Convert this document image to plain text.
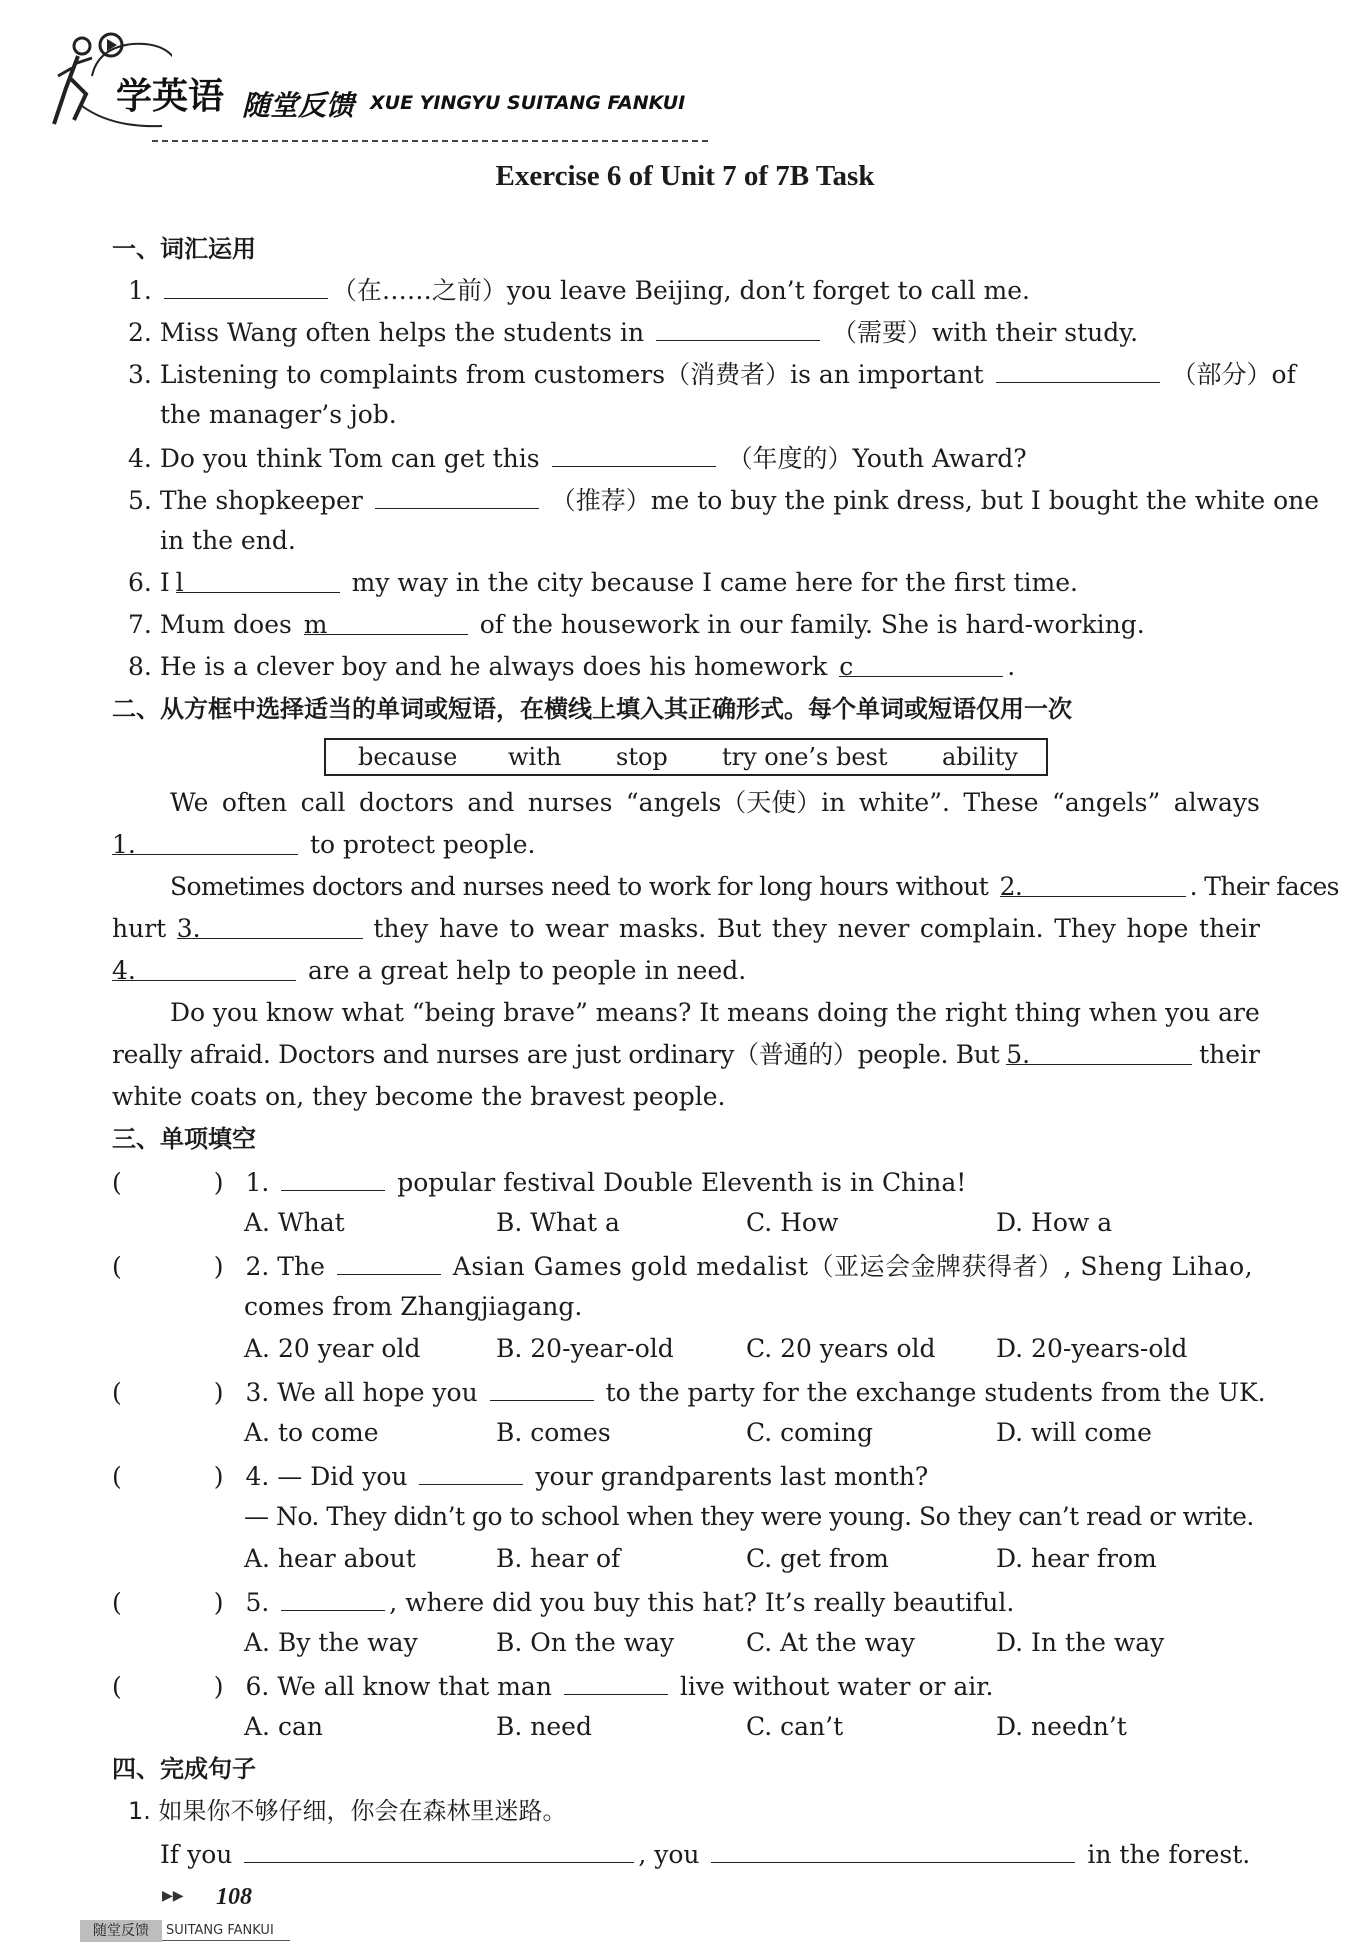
学英语 随堂反馈 XUE YINGYU SUITANG FANKUI
Exercise 6 of Unit 7 of 7B Task
一、词汇运用
1.	（在……之前）you leave Beijing, don’t forget to call me.
2. Miss Wang often helps the students in	（需要）with their study.
3. Listening to complaints from customers（消费者）is an important	（部分）of
the manager’s job.
4. Do you think Tom can get this	（年度的）Youth Award?
5. The shopkeeper	（推荐）me to buy the pink dress, but I bought the white one
in the end.
6. I l	my way in the city because I came here for the first time.
7. Mum does m	of the housework in our family. She is hard-working.
8. He is a clever boy and he always does his homework c	.
二、从方框中选择适当的单词或短语，在横线上填入其正确形式。每个单词或短语仅用一次
because with stop try one’s best ability
We often call doctors and nurses “angels（天使）in white”. These “angels” always
1.	to protect people.
Sometimes doctors and nurses need to work for long hours without 2.	. Their faces
hurt 3.	they have to wear masks. But they never complain. They hope their
4.	are a great help to people in need.
Do you know what “being brave” means? It means doing the right thing when you are
really afraid. Doctors and nurses are just ordinary（普通的）people. But 5.	their
white coats on, they become the bravest people.
三、单项填空
(	) 1.	popular festival Double Eleventh is in China!
A. What	B. What a	C. How	D. How a
(	) 2. The	Asian Games gold medalist（亚运会金牌获得者）, Sheng Lihao,
comes from Zhangjiagang.
A. 20 year old	B. 20-year-old	C. 20 years old D. 20-years-old
(	) 3. We all hope you	to the party for the exchange students from the UK.
A. to come	B. comes	C. coming	D. will come
(	) 4. — Did you	your grandparents last month?
— No. They didn’t go to school when they were young. So they can’t read or write.
A. hear about	B. hear of	C. get from	D. hear from
(	) 5.	, where did you buy this hat? It’s really beautiful.
A. By the way	B. On the way	C. At the way	D. In the way
(	) 6. We all know that man	live without water or air.
A. can	B. need	C. can’t	D. needn’t
四、完成句子
1. 如果你不够仔细，你会在森林里迷路。
If you	, you	in the forest.
▶▶ 108
随堂反馈	SUITANG FANKUI
